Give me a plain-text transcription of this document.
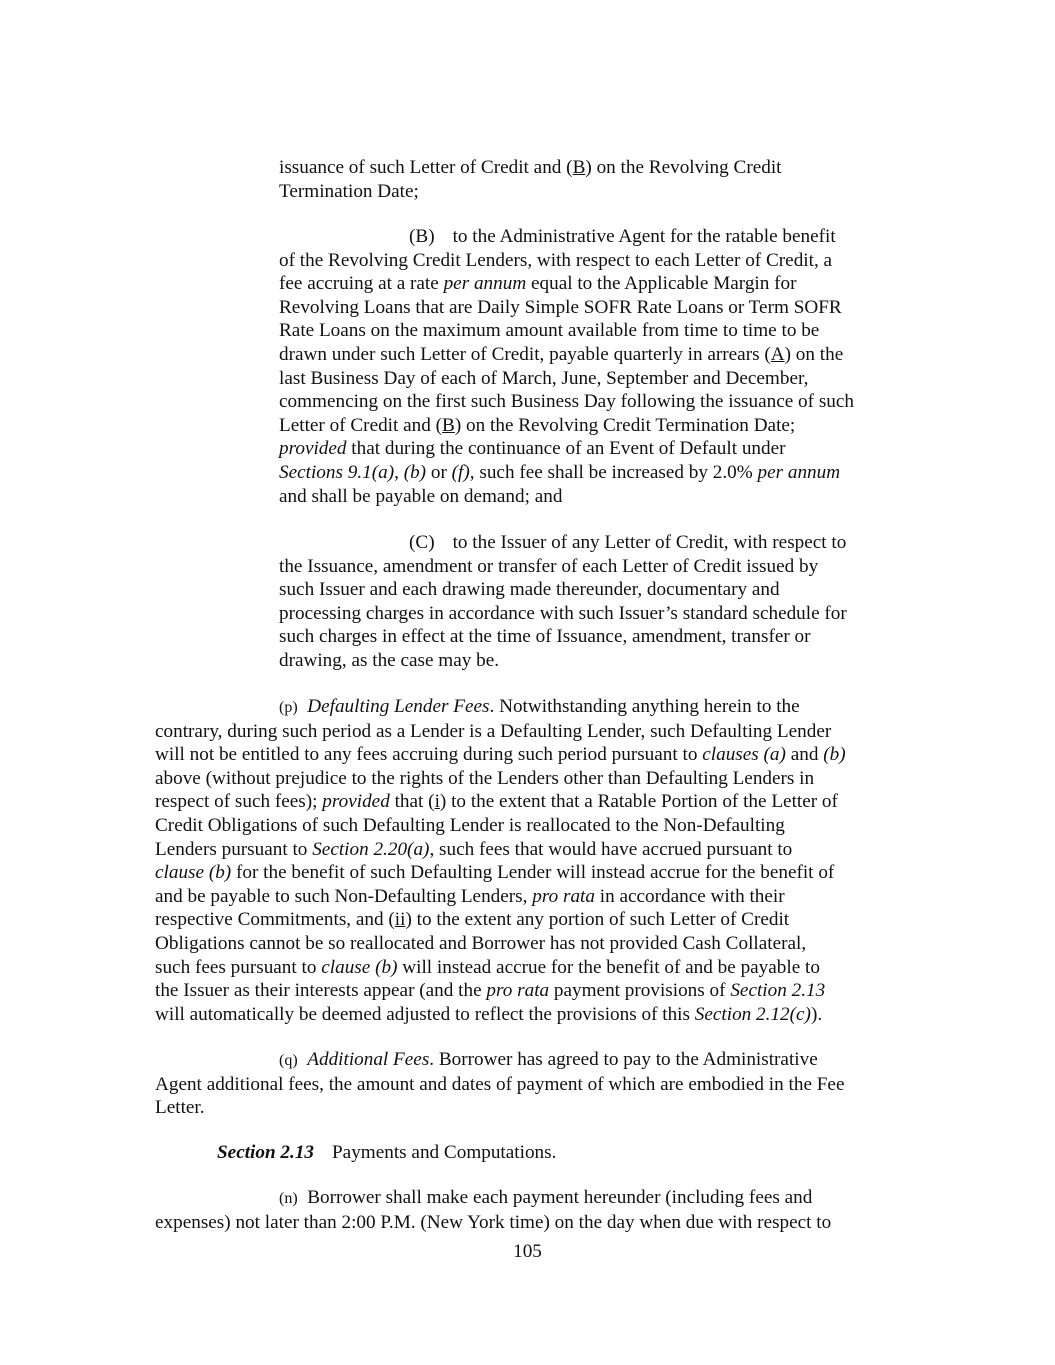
issuance of such Letter of Credit and (B) on the Revolving Credit
Termination Date;
(B) to the Administrative Agent for the ratable benefit
of the Revolving Credit Lenders, with respect to each Letter of Credit, a
fee accruing at a rate per annum equal to the Applicable Margin for
Revolving Loans that are Daily Simple SOFR Rate Loans or Term SOFR
Rate Loans on the maximum amount available from time to time to be
drawn under such Letter of Credit, payable quarterly in arrears (A) on the
last Business Day of each of March, June, September and December,
commencing on the first such Business Day following the issuance of such
Letter of Credit and (B) on the Revolving Credit Termination Date;
provided that during the continuance of an Event of Default under
Sections 9.1(a), (b) or (f), such fee shall be increased by 2.0% per annum
and shall be payable on demand; and
(C) to the Issuer of any Letter of Credit, with respect to
the Issuance, amendment or transfer of each Letter of Credit issued by
such Issuer and each drawing made thereunder, documentary and
processing charges in accordance with such Issuer’s standard schedule for
such charges in effect at the time of Issuance, amendment, transfer or
drawing, as the case may be.
(p) Defaulting Lender Fees. Notwithstanding anything herein to the
contrary, during such period as a Lender is a Defaulting Lender, such Defaulting Lender
will not be entitled to any fees accruing during such period pursuant to clauses (a) and (b)
above (without prejudice to the rights of the Lenders other than Defaulting Lenders in
respect of such fees); provided that (i) to the extent that a Ratable Portion of the Letter of
Credit Obligations of such Defaulting Lender is reallocated to the Non-Defaulting
Lenders pursuant to Section 2.20(a), such fees that would have accrued pursuant to
clause (b) for the benefit of such Defaulting Lender will instead accrue for the benefit of
and be payable to such Non-Defaulting Lenders, pro rata in accordance with their
respective Commitments, and (ii) to the extent any portion of such Letter of Credit
Obligations cannot be so reallocated and Borrower has not provided Cash Collateral,
such fees pursuant to clause (b) will instead accrue for the benefit of and be payable to
the Issuer as their interests appear (and the pro rata payment provisions of Section 2.13
will automatically be deemed adjusted to reflect the provisions of this Section 2.12(c)).
(q) Additional Fees. Borrower has agreed to pay to the Administrative
Agent additional fees, the amount and dates of payment of which are embodied in the Fee
Letter.
Section 2.13 Payments and Computations.
(n) Borrower shall make each payment hereunder (including fees and
expenses) not later than 2:00 P.M. (New York time) on the day when due with respect to
105
